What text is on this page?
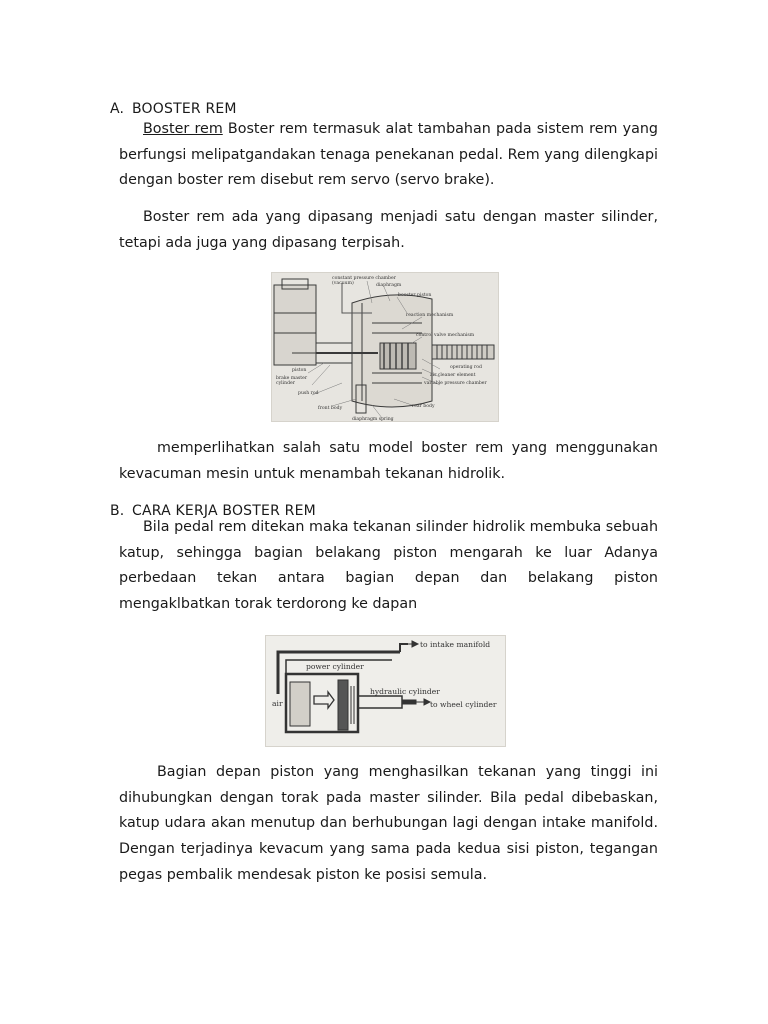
A. BOOSTER REM

Boster rem Boster rem termasuk alat tambahan pada sistem rem yang berfungsi melipatgandakan tenaga penekanan pedal. Rem yang dilengkapi dengan boster rem disebut rem servo (servo brake).

Boster rem ada yang dipasang menjadi satu dengan master silinder, tetapi ada juga yang dipasang terpisah.

constant pressure chamber
(vacuum)	diaphragm
booster piston
reaction mechanism
control valve mechanism
operating rod
air cleaner element
variable pressure chamber
brake master
cylinder
piston
push rod
front body	rear body
diaphragm spring

memperlihatkan salah satu model boster rem yang menggunakan kevacuman mesin untuk menambah tekanan hidrolik.

B. CARA KERJA BOSTER REM

Bila pedal rem ditekan maka tekanan silinder hidrolik membuka sebuah katup, sehingga bagian belakang piston mengarah ke luar Adanya perbedaan tekan antara bagian depan dan belakang piston mengaklbatkan torak terdorong ke dapan

to intake manifold
power cylinder
hydraulic cylinder
to wheel cylinder
air

Bagian depan piston yang menghasilkan tekanan yang tinggi ini dihubungkan dengan torak pada master silinder. Bila pedal dibebaskan, katup udara akan menutup dan berhubungan lagi dengan intake manifold. Dengan terjadinya kevacum yang sama pada kedua sisi piston, tegangan pegas pembalik mendesak piston ke posisi semula.
